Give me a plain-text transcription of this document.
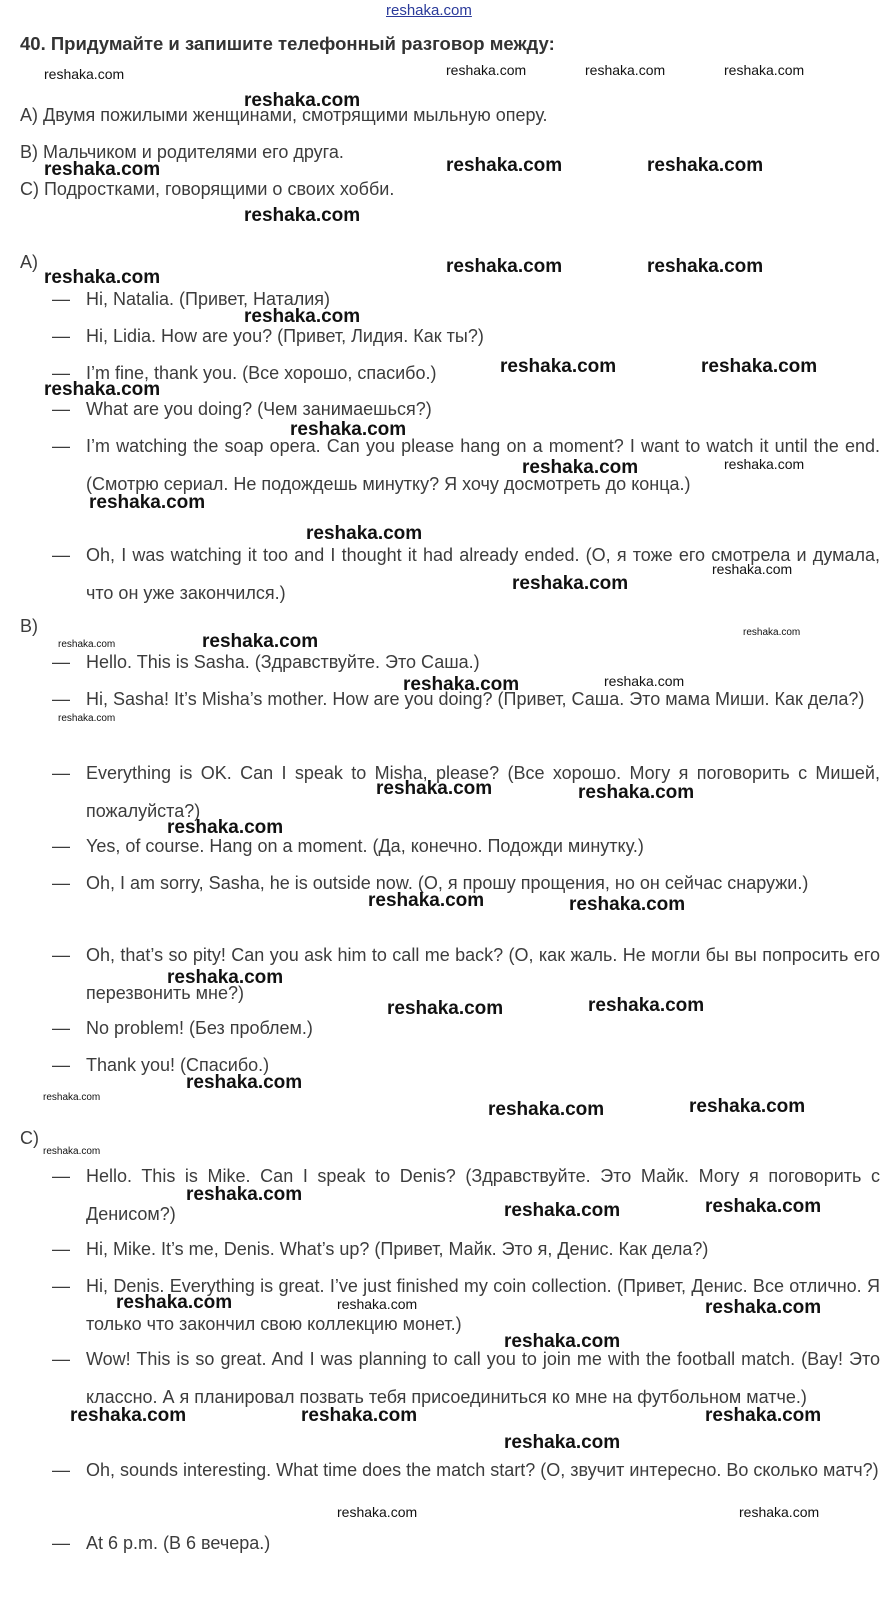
reshaka.com
40. Придумайте и запишите телефонный разговор между:
A) Двумя пожилыми женщинами, смотрящими мыльную оперу.
B) Мальчиком и родителями его друга.
C) Подростками, говорящими о своих хобби.
A)
— Hi, Natalia. (Привет, Наталия)
— Hi, Lidia. How are you? (Привет, Лидия. Как ты?)
— I’m fine, thank you. (Все хорошо, спасибо.)
— What are you doing? (Чем занимаешься?)
— I’m watching the soap opera. Can you please hang on a moment? I want to watch it until the end. (Смотрю сериал. Не подождешь минутку? Я хочу досмотреть до конца.)
— Oh, I was watching it too and I thought it had already ended. (О, я тоже его смотрела и думала, что он уже закончился.)
B)
— Hello. This is Sasha. (Здравствуйте. Это Саша.)
— Hi, Sasha! It’s Misha’s mother. How are you doing? (Привет, Саша. Это мама Миши. Как дела?)
— Everything is OK. Can I speak to Misha, please? (Все хорошо. Могу я поговорить с Мишей, пожалуйста?)
— Yes, of course. Hang on a moment. (Да, конечно. Подожди минутку.)
— Oh, I am sorry, Sasha, he is outside now. (О, я прошу прощения, но он сейчас снаружи.)
— Oh, that’s so pity! Can you ask him to call me back? (О, как жаль. Не могли бы вы попросить его перезвонить мне?)
— No problem! (Без проблем.)
— Thank you! (Спасибо.)
C)
— Hello. This is Mike. Can I speak to Denis? (Здравствуйте. Это Майк. Могу я поговорить с Денисом?)
— Hi, Mike. It’s me, Denis. What’s up? (Привет, Майк. Это я, Денис. Как дела?)
— Hi, Denis. Everything is great. I’ve just finished my coin collection. (Привет, Денис. Все отлично. Я только что закончил свою коллекцию монет.)
— Wow! This is so great. And I was planning to call you to join me with the football match. (Вау! Это классно. А я планировал позвать тебя присоединиться ко мне на футбольном матче.)
— Oh, sounds interesting. What time does the match start? (О, звучит интересно. Во сколько матч?)
— At 6 p.m. (В 6 вечера.)
reshaka.com	reshaka.com	reshaka.com	reshaka.com
reshaka.com
reshaka.com	reshaka.com	reshaka.com
reshaka.com
reshaka.com
reshaka.com	reshaka.com
reshaka.com
reshaka.com	reshaka.com
reshaka.com
reshaka.com
reshaka.com	reshaka.com
reshaka.com
reshaka.com
reshaka.com
reshaka.com
reshaka.com	reshaka.com	reshaka.com
reshaka.com
reshaka.com
reshaka.com
reshaka.com	reshaka.com
reshaka.com
reshaka.com	reshaka.com
reshaka.com
reshaka.com
reshaka.com
reshaka.com
reshaka.com	reshaka.com
reshaka.com
reshaka.com
reshaka.com
reshaka.com
reshaka.com
reshaka.com	reshaka.com	reshaka.com
reshaka.com
reshaka.com	reshaka.com	reshaka.com
reshaka.com
reshaka.com	reshaka.com
